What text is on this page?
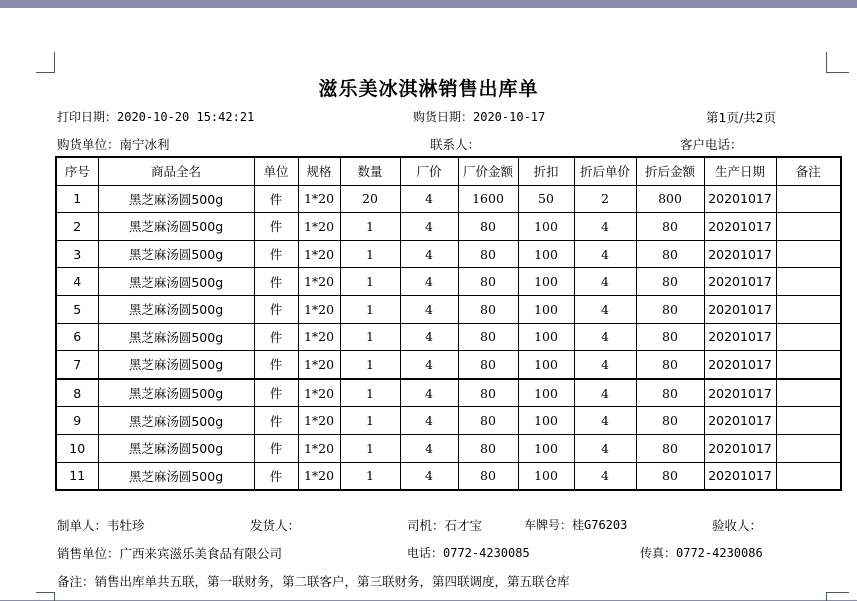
滋乐美冰淇淋销售出库单
打印日期：2020-10-20 15:42:21	购货日期：2020-10-17	第1页/共2页
购货单位：南宁冰利	联系人：	客户电话：
序号	商品全名	单位	规格	数量	厂价	厂价金额	折扣	折后单价	折后金额	生产日期	备注
1	黑芝麻汤圆500g	件	1*20	20	4	1600	50	2	800	20201017	
2	黑芝麻汤圆500g	件	1*20	1	4	80	100	4	80	20201017	
3	黑芝麻汤圆500g	件	1*20	1	4	80	100	4	80	20201017	
4	黑芝麻汤圆500g	件	1*20	1	4	80	100	4	80	20201017	
5	黑芝麻汤圆500g	件	1*20	1	4	80	100	4	80	20201017	
6	黑芝麻汤圆500g	件	1*20	1	4	80	100	4	80	20201017	
7	黑芝麻汤圆500g	件	1*20	1	4	80	100	4	80	20201017	
8	黑芝麻汤圆500g	件	1*20	1	4	80	100	4	80	20201017	
9	黑芝麻汤圆500g	件	1*20	1	4	80	100	4	80	20201017	
10	黑芝麻汤圆500g	件	1*20	1	4	80	100	4	80	20201017	
11	黑芝麻汤圆500g	件	1*20	1	4	80	100	4	80	20201017	
制单人：韦牡珍	发货人：	司机：石才宝	车牌号：桂G76203	验收人：
销售单位：广西来宾滋乐美食品有限公司	电话：0772-4230085	传真：0772-4230086
备注：销售出库单共五联，第一联财务，第二联客户，第三联财务，第四联调度，第五联仓库
